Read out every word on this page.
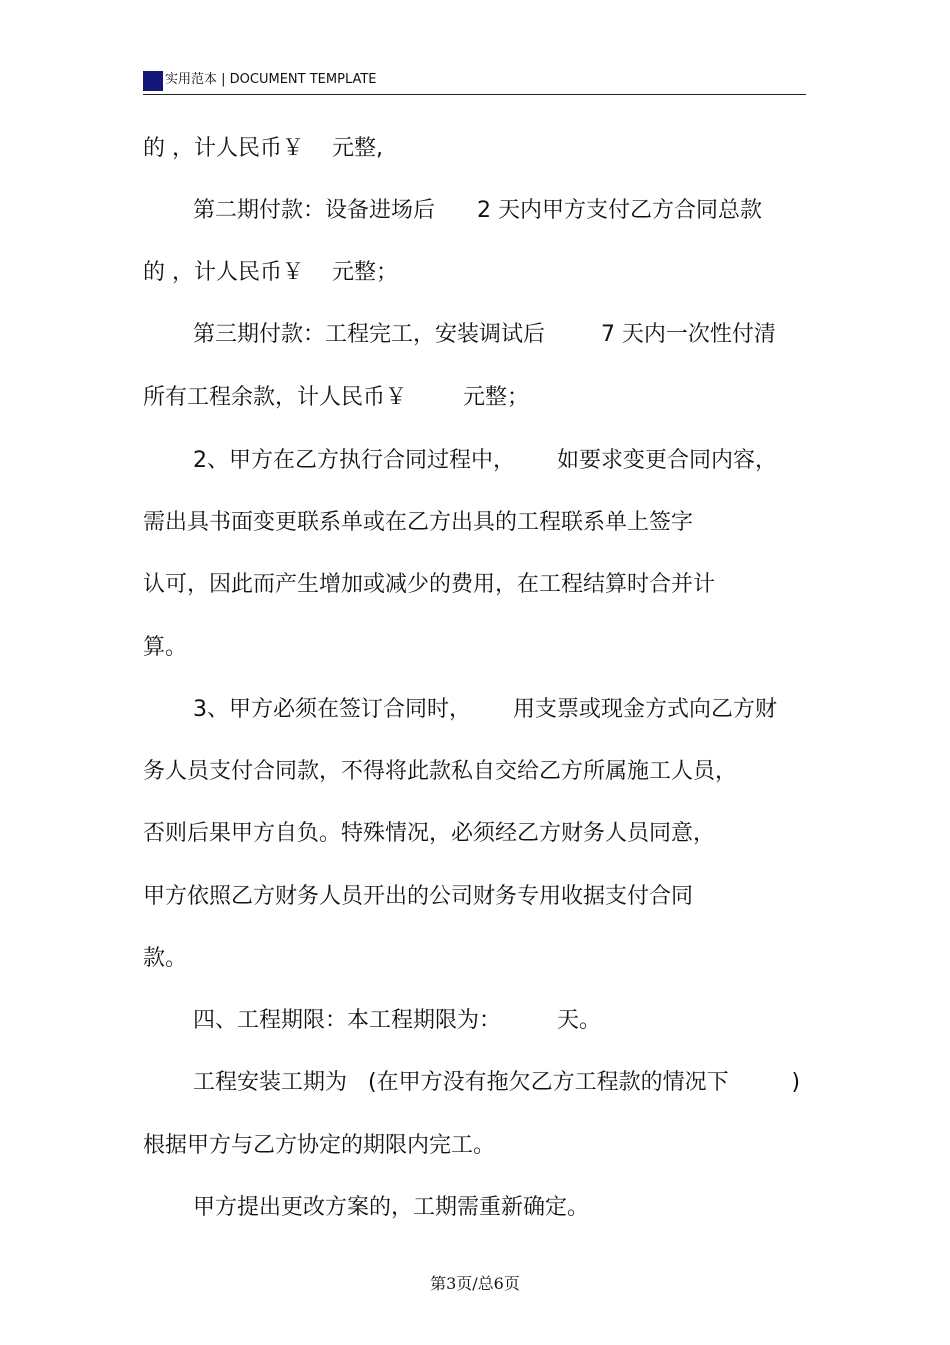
实用范本 | DOCUMENT TEMPLATE
的 ，计人民币￥    元整,
第二期付款：设备进场后      2 天内甲方支付乙方合同总款
的 ，计人民币￥    元整；
第三期付款：工程完工，安装调试后        7 天内一次性付清
所有工程余款，计人民币￥        元整；
2、甲方在乙方执行合同过程中，      如要求变更合同内容，
需出具书面变更联系单或在乙方出具的工程联系单上签字
认可，因此而产生增加或减少的费用，在工程结算时合并计
算。
3、甲方必须在签订合同时，      用支票或现金方式向乙方财
务人员支付合同款，不得将此款私自交给乙方所属施工人员，
否则后果甲方自负。特殊情况，必须经乙方财务人员同意，
甲方依照乙方财务人员开出的公司财务专用收据支付合同
款。
四、工程期限：本工程期限为：        天。
工程安装工期为   (在甲方没有拖欠乙方工程款的情况下         )
根据甲方与乙方协定的期限内完工。
甲方提出更改方案的，工期需重新确定。
第3页/总6页
